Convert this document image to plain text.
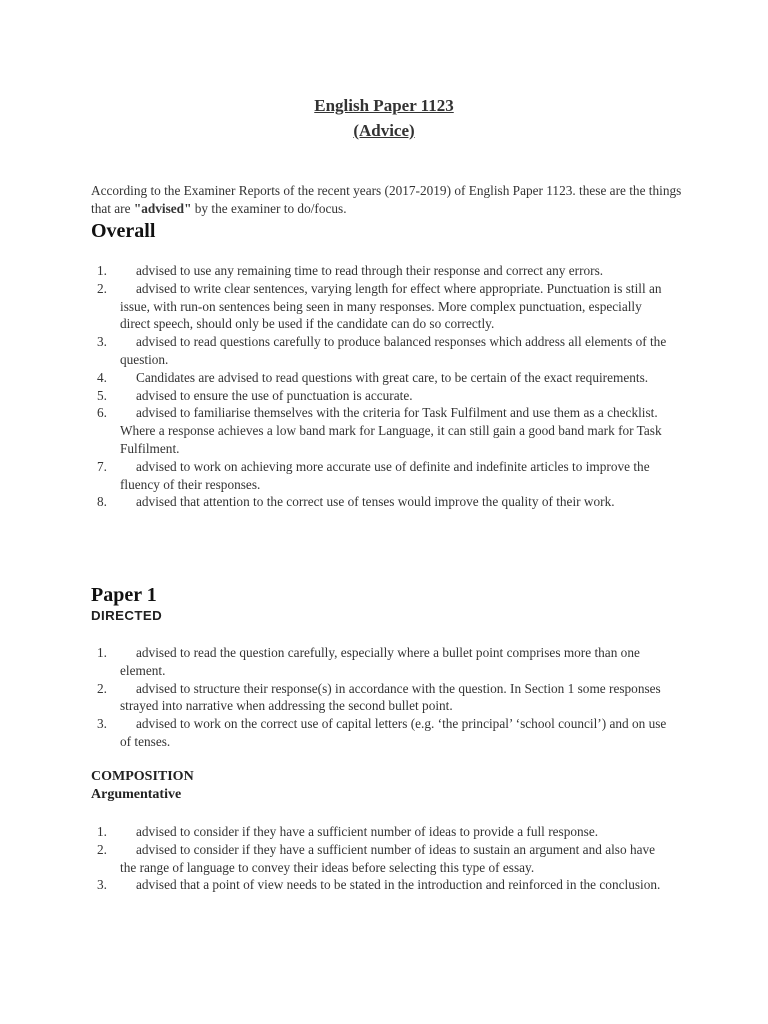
English Paper 1123
(Advice)
According to the Examiner Reports of the recent years (2017-2019) of English Paper 1123. these are the things that are "advised" by the examiner to do/focus.
Overall
1.	advised to use any remaining time to read through their response and correct any errors.
2.	advised to write clear sentences, varying length for effect where appropriate. Punctuation is still an issue, with run-on sentences being seen in many responses. More complex punctuation, especially direct speech, should only be used if the candidate can do so correctly.
3.	advised to read questions carefully to produce balanced responses which address all elements of the question.
4.	Candidates are advised to read questions with great care, to be certain of the exact requirements.
5.	advised to ensure the use of punctuation is accurate.
6.	advised to familiarise themselves with the criteria for Task Fulfilment and use them as a checklist. Where a response achieves a low band mark for Language, it can still gain a good band mark for Task Fulfilment.
7.	advised to work on achieving more accurate use of definite and indefinite articles to improve the fluency of their responses.
8.	advised that attention to the correct use of tenses would improve the quality of their work.
Paper 1
DIRECTED
1.	advised to read the question carefully, especially where a bullet point comprises more than one element.
2.	advised to structure their response(s) in accordance with the question. In Section 1 some responses strayed into narrative when addressing the second bullet point.
3.	advised to work on the correct use of capital letters (e.g. ‘the principal’ ‘school council’) and on use of tenses.
COMPOSITION
Argumentative
1.	advised to consider if they have a sufficient number of ideas to provide a full response.
2.	advised to consider if they have a sufficient number of ideas to sustain an argument and also have the range of language to convey their ideas before selecting this type of essay.
3.	advised that a point of view needs to be stated in the introduction and reinforced in the conclusion.
